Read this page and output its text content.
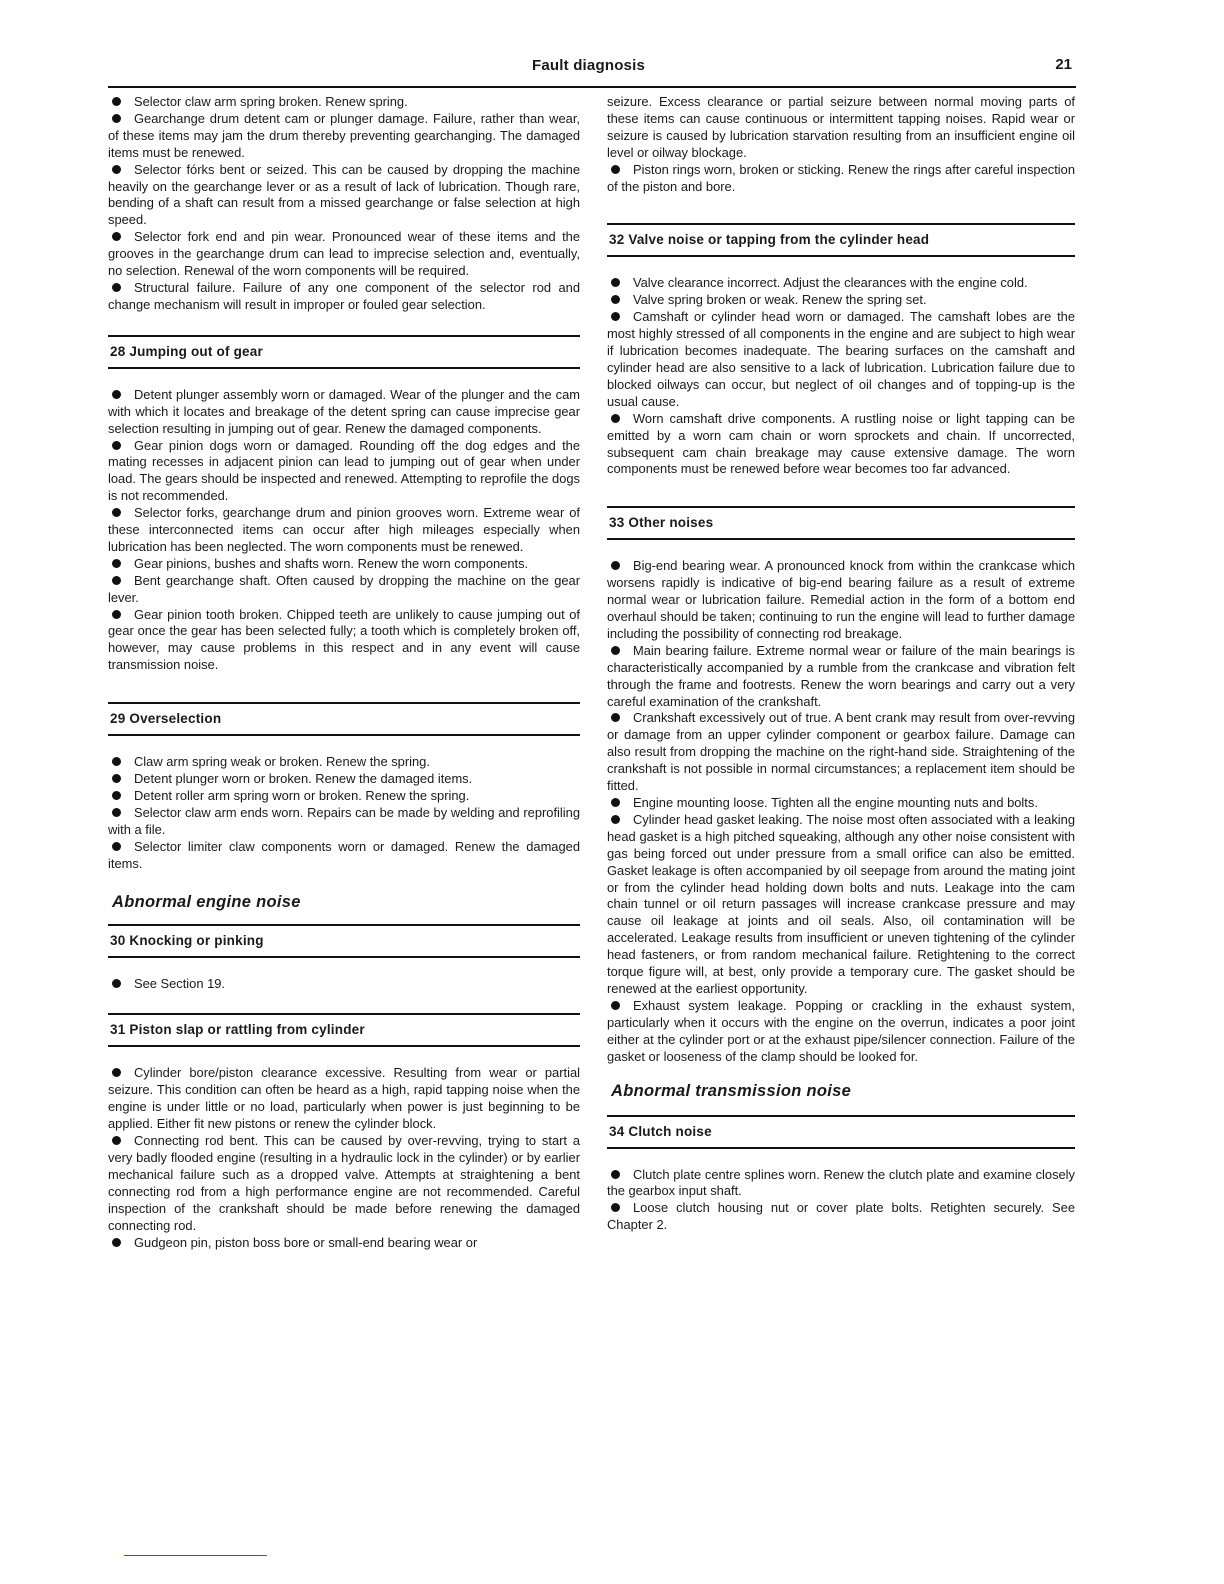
Fault diagnosis	21

Selector claw arm spring broken. Renew spring.

Gearchange drum detent cam or plunger damage. Failure, rather than wear, of these items may jam the drum thereby preventing gearchanging. The damaged items must be renewed.

Selector fórks bent or seized. This can be caused by dropping the machine heavily on the gearchange lever or as a result of lack of lubrication. Though rare, bending of a shaft can result from a missed gearchange or false selection at high speed.

Selector fork end and pin wear. Pronounced wear of these items and the grooves in the gearchange drum can lead to imprecise selection and, eventually, no selection. Renewal of the worn components will be required.

Structural failure. Failure of any one component of the selector rod and change mechanism will result in improper or fouled gear selection.

28 Jumping out of gear

Detent plunger assembly worn or damaged. Wear of the plunger and the cam with which it locates and breakage of the detent spring can cause imprecise gear selection resulting in jumping out of gear. Renew the damaged components.

Gear pinion dogs worn or damaged. Rounding off the dog edges and the mating recesses in adjacent pinion can lead to jumping out of gear when under load. The gears should be inspected and renewed. Attempting to reprofile the dogs is not recommended.

Selector forks, gearchange drum and pinion grooves worn. Extreme wear of these interconnected items can occur after high mileages especially when lubrication has been neglected. The worn components must be renewed.

Gear pinions, bushes and shafts worn. Renew the worn components.

Bent gearchange shaft. Often caused by dropping the machine on the gear lever.

Gear pinion tooth broken. Chipped teeth are unlikely to cause jumping out of gear once the gear has been selected fully; a tooth which is completely broken off, however, may cause problems in this respect and in any event will cause transmission noise.

29 Overselection

Claw arm spring weak or broken. Renew the spring.

Detent plunger worn or broken. Renew the damaged items.

Detent roller arm spring worn or broken. Renew the spring.

Selector claw arm ends worn. Repairs can be made by welding and reprofiling with a file.

Selector limiter claw components worn or damaged. Renew the damaged items.

Abnormal engine noise
30 Knocking or pinking

See Section 19.

31 Piston slap or rattling from cylinder

Cylinder bore/piston clearance excessive. Resulting from wear or partial seizure. This condition can often be heard as a high, rapid tapping noise when the engine is under little or no load, particularly when power is just beginning to be applied. Either fit new pistons or renew the cylinder block.

Connecting rod bent. This can be caused by over-revving, trying to start a very badly flooded engine (resulting in a hydraulic lock in the cylinder) or by earlier mechanical failure such as a dropped valve. Attempts at straightening a bent connecting rod from a high performance engine are not recommended. Careful inspection of the crankshaft should be made before renewing the damaged connecting rod.

Gudgeon pin, piston boss bore or small-end bearing wear or

seizure. Excess clearance or partial seizure between normal moving parts of these items can cause continuous or intermittent tapping noises. Rapid wear or seizure is caused by lubrication starvation resulting from an insufficient engine oil level or oilway blockage.

Piston rings worn, broken or sticking. Renew the rings after careful inspection of the piston and bore.

32 Valve noise or tapping from the cylinder head

Valve clearance incorrect. Adjust the clearances with the engine cold.

Valve spring broken or weak. Renew the spring set.

Camshaft or cylinder head worn or damaged. The camshaft lobes are the most highly stressed of all components in the engine and are subject to high wear if lubrication becomes inadequate. The bearing surfaces on the camshaft and cylinder head are also sensitive to a lack of lubrication. Lubrication failure due to blocked oilways can occur, but neglect of oil changes and of topping-up is the usual cause.

Worn camshaft drive components. A rustling noise or light tapping can be emitted by a worn cam chain or worn sprockets and chain. If uncorrected, subsequent cam chain breakage may cause extensive damage. The worn components must be renewed before wear becomes too far advanced.

33 Other noises

Big-end bearing wear. A pronounced knock from within the crankcase which worsens rapidly is indicative of big-end bearing failure as a result of extreme normal wear or lubrication failure. Remedial action in the form of a bottom end overhaul should be taken; continuing to run the engine will lead to further damage including the possibility of connecting rod breakage.

Main bearing failure. Extreme normal wear or failure of the main bearings is characteristically accompanied by a rumble from the crankcase and vibration felt through the frame and footrests. Renew the worn bearings and carry out a very careful examination of the crankshaft.

Crankshaft excessively out of true. A bent crank may result from over-revving or damage from an upper cylinder component or gearbox failure. Damage can also result from dropping the machine on the right-hand side. Straightening of the crankshaft is not possible in normal circumstances; a replacement item should be fitted.

Engine mounting loose. Tighten all the engine mounting nuts and bolts.

Cylinder head gasket leaking. The noise most often associated with a leaking head gasket is a high pitched squeaking, although any other noise consistent with gas being forced out under pressure from a small orifice can also be emitted. Gasket leakage is often accompanied by oil seepage from around the mating joint or from the cylinder head holding down bolts and nuts. Leakage into the cam chain tunnel or oil return passages will increase crankcase pressure and may cause oil leakage at joints and oil seals. Also, oil contamination will be accelerated. Leakage results from insufficient or uneven tightening of the cylinder head fasteners, or from random mechanical failure. Retightening to the correct torque figure will, at best, only provide a temporary cure. The gasket should be renewed at the earliest opportunity.

Exhaust system leakage. Popping or crackling in the exhaust system, particularly when it occurs with the engine on the overrun, indicates a poor joint either at the cylinder port or at the exhaust pipe/silencer connection. Failure of the gasket or looseness of the clamp should be looked for.

Abnormal transmission noise
34 Clutch noise

Clutch plate centre splines worn. Renew the clutch plate and examine closely the gearbox input shaft.

Loose clutch housing nut or cover plate bolts. Retighten securely. See Chapter 2.
